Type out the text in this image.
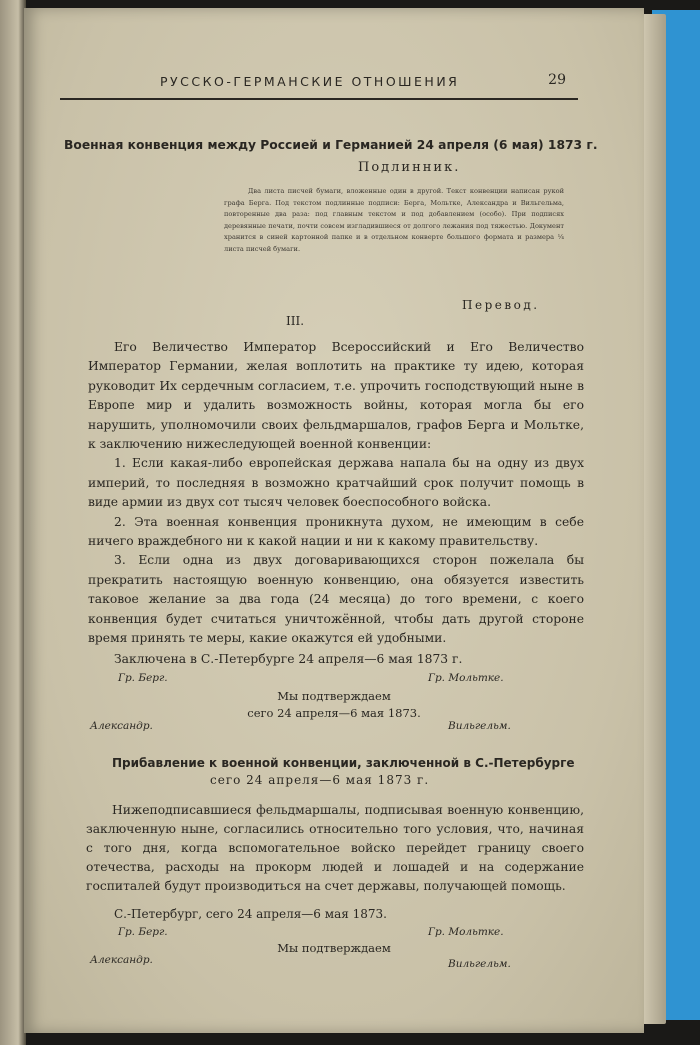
РУССКО-ГЕРМАНСКИЕ ОТНОШЕНИЯ	29
Военная конвенция между Россией и Германией 24 апреля (6 мая) 1873 г.
Подлинник.
Два листа писчей бумаги, вложенные один в другой. Текст конвенции написан рукой графа Берга. Под текстом подлинные подписи: Берга, Мольтке, Александра и Вильгельма, повторенные два раза: под главным текстом и под добавлением (особо). При подписях деревянные печати, почти совсем изгладившиеся от долгого лежания под тяжестью. Документ хранится в синей картонной папке и в отдельном конверте большого формата и размера ¼ листа писчей бумаги.
Перевод.
III.

Его Величество Император Всероссийский и Его Величество Император Германии, желая воплотить на практике ту идею, которая руководит Их сердечным согласием, т.е. упрочить господствующий ныне в Европе мир и удалить возможность войны, которая могла бы его нарушить, уполномочили своих фельдмаршалов, графов Берга и Мольтке, к заключению нижеследующей военной конвенции:

1. Если какая-либо европейская держава напала бы на одну из двух империй, то последняя в возможно кратчайший срок получит помощь в виде армии из двух сот тысяч человек боеспособного войска.

2. Эта военная конвенция проникнута духом, не имеющим в себе ничего враждебного ни к какой нации и ни к какому правительству.

3. Если одна из двух договаривающихся сторон пожелала бы прекратить настоящую военную конвенцию, она обязуется известить таковое желание за два года (24 месяца) до того времени, с коего конвенция будет считаться уничтожённой, чтобы дать другой стороне время принять те меры, какие окажутся ей удобными.

Заключена в С.-Петербурге 24 апреля—6 мая 1873 г.
Гр. Берг.	Гр. Мольтке.
Мы подтверждаем
сего 24 апреля—6 мая 1873.
Александр.	Вильгельм.
Прибавление к военной конвенции, заключенной в С.-Петербурге
сего 24 апреля—6 мая 1873 г.

Нижеподписавшиеся фельдмаршалы, подписывая военную конвенцию, заключенную ныне, согласились относительно того условия, что, начиная с того дня, когда вспомогательное войско перейдет границу своего отечества, расходы на прокорм людей и лошадей и на содержание госпиталей будут производиться на счет державы, получающей помощь.

С.-Петербург, сего 24 апреля—6 мая 1873.
Гр. Берг.	Гр. Мольтке.
Мы подтверждаем
Александр.	Вильгельм.
